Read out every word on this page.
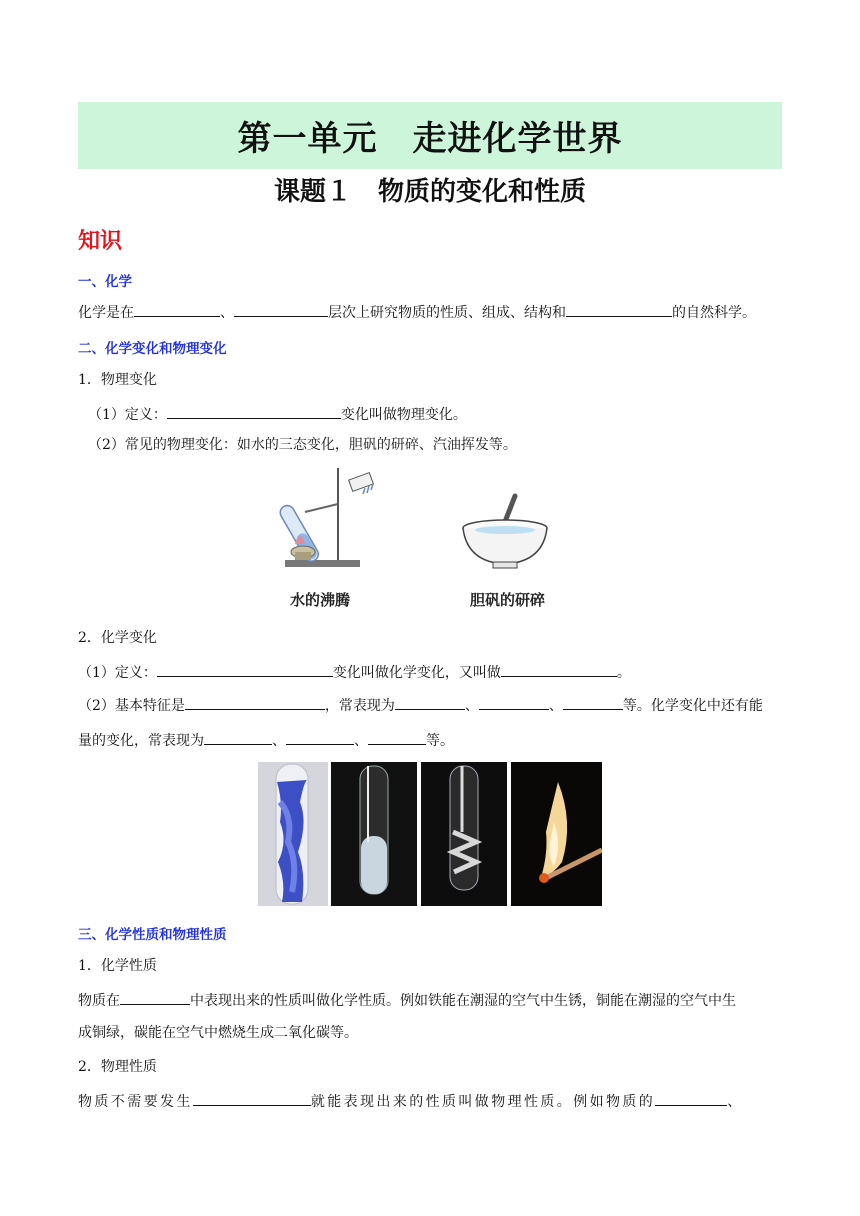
第一单元　走进化学世界
课题１　物质的变化和性质
知识
一、化学
化学是在	、	层次上研究物质的性质、组成、结构和	的自然科学。
二、化学变化和物理变化
1．物理变化
（1）定义：	变化叫做物理变化。
（2）常见的物理变化：如水的三态变化，胆矾的研碎、汽油挥发等。
水的沸腾	胆矾的研碎
2．化学变化
（1）定义：	变化叫做化学变化，又叫做	。
（2）基本特征是	，常表现为	、	、	等。化学变化中还有能
量的变化，常表现为	、	、	等。
三、化学性质和物理性质
1．化学性质
物质在	中表现出来的性质叫做化学性质。例如铁能在潮湿的空气中生锈，铜能在潮湿的空气中生
成铜绿，碳能在空气中燃烧生成二氧化碳等。
2．物理性质
物质不需要发生	就能表现出来的性质叫做物理性质。例如物质的	、
